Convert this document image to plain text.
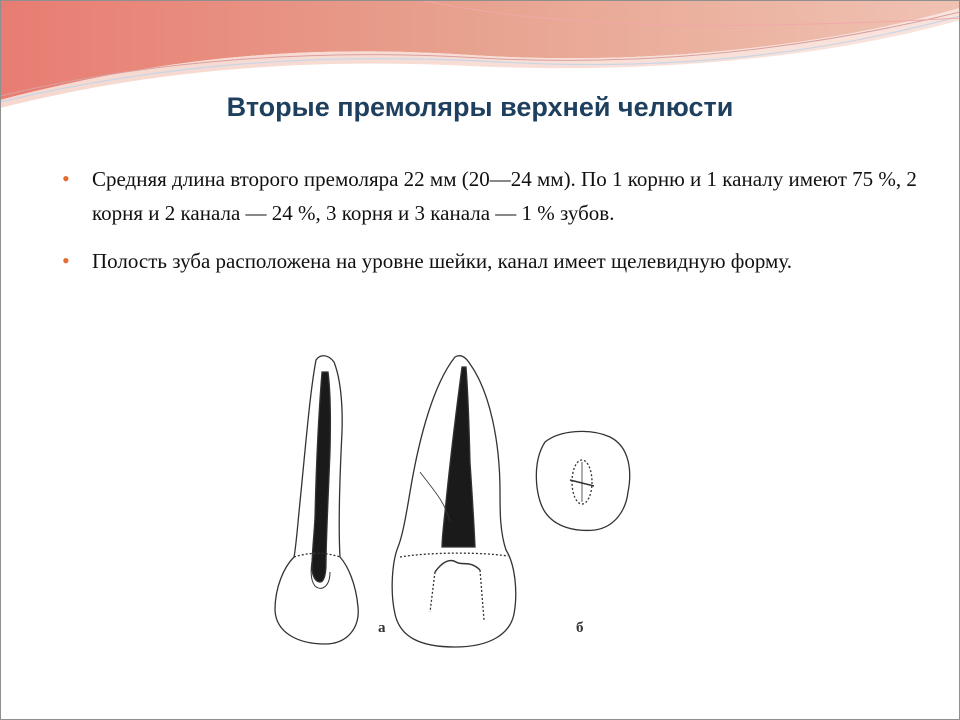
Вторые премоляры верхней челюсти
• Средняя длина второго премоляра 22 мм (20—24 мм). По 1 корню и 1 каналу имеют 75 %, 2 корня и 2 канала — 24 %, 3 корня и 3 канала — 1 % зубов.
• Полость зуба расположена на уровне шейки, канал имеет щелевидную форму.
а	б
